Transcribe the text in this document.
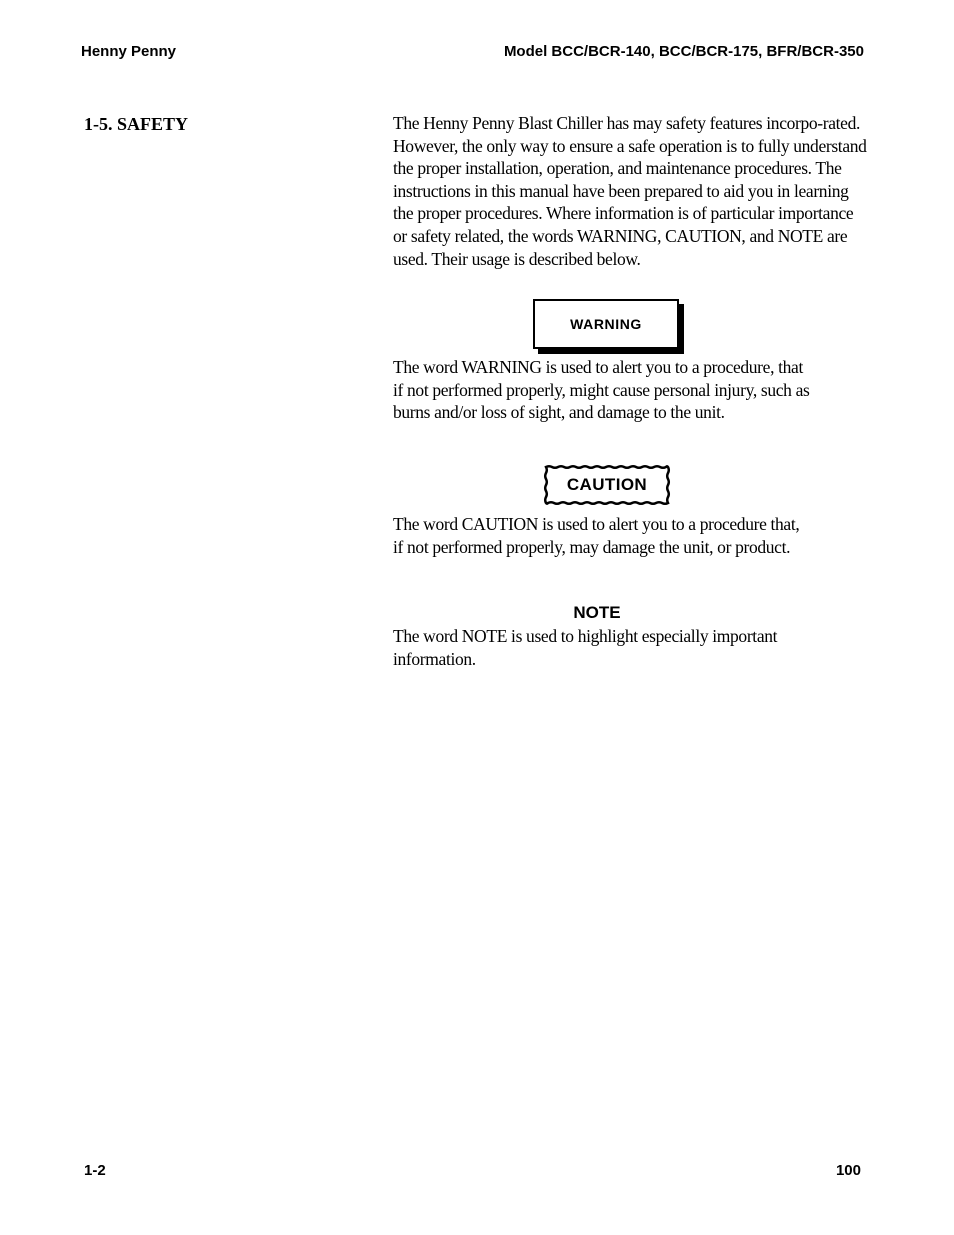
Henny Penny	Model BCC/BCR-140, BCC/BCR-175, BFR/BCR-350
1-5. SAFETY	The Henny Penny Blast Chiller has may safety features incorpo-rated. However, the only way to ensure a safe operation is to fully understand the proper installation, operation, and maintenance procedures. The instructions in this manual have been prepared to aid you in learning the proper procedures. Where information is of particular importance or safety related, the words WARNING, CAUTION, and NOTE are used. Their usage is described below.

WARNING

The word WARNING is used to alert you to a procedure, that if not performed properly, might cause personal injury, such as burns and/or loss of sight, and damage to the unit.

CAUTION

The word CAUTION is used to alert you to a procedure that, if not performed properly, may damage the unit, or product.

NOTE

The word NOTE is used to highlight especially important information.

1-2	100
